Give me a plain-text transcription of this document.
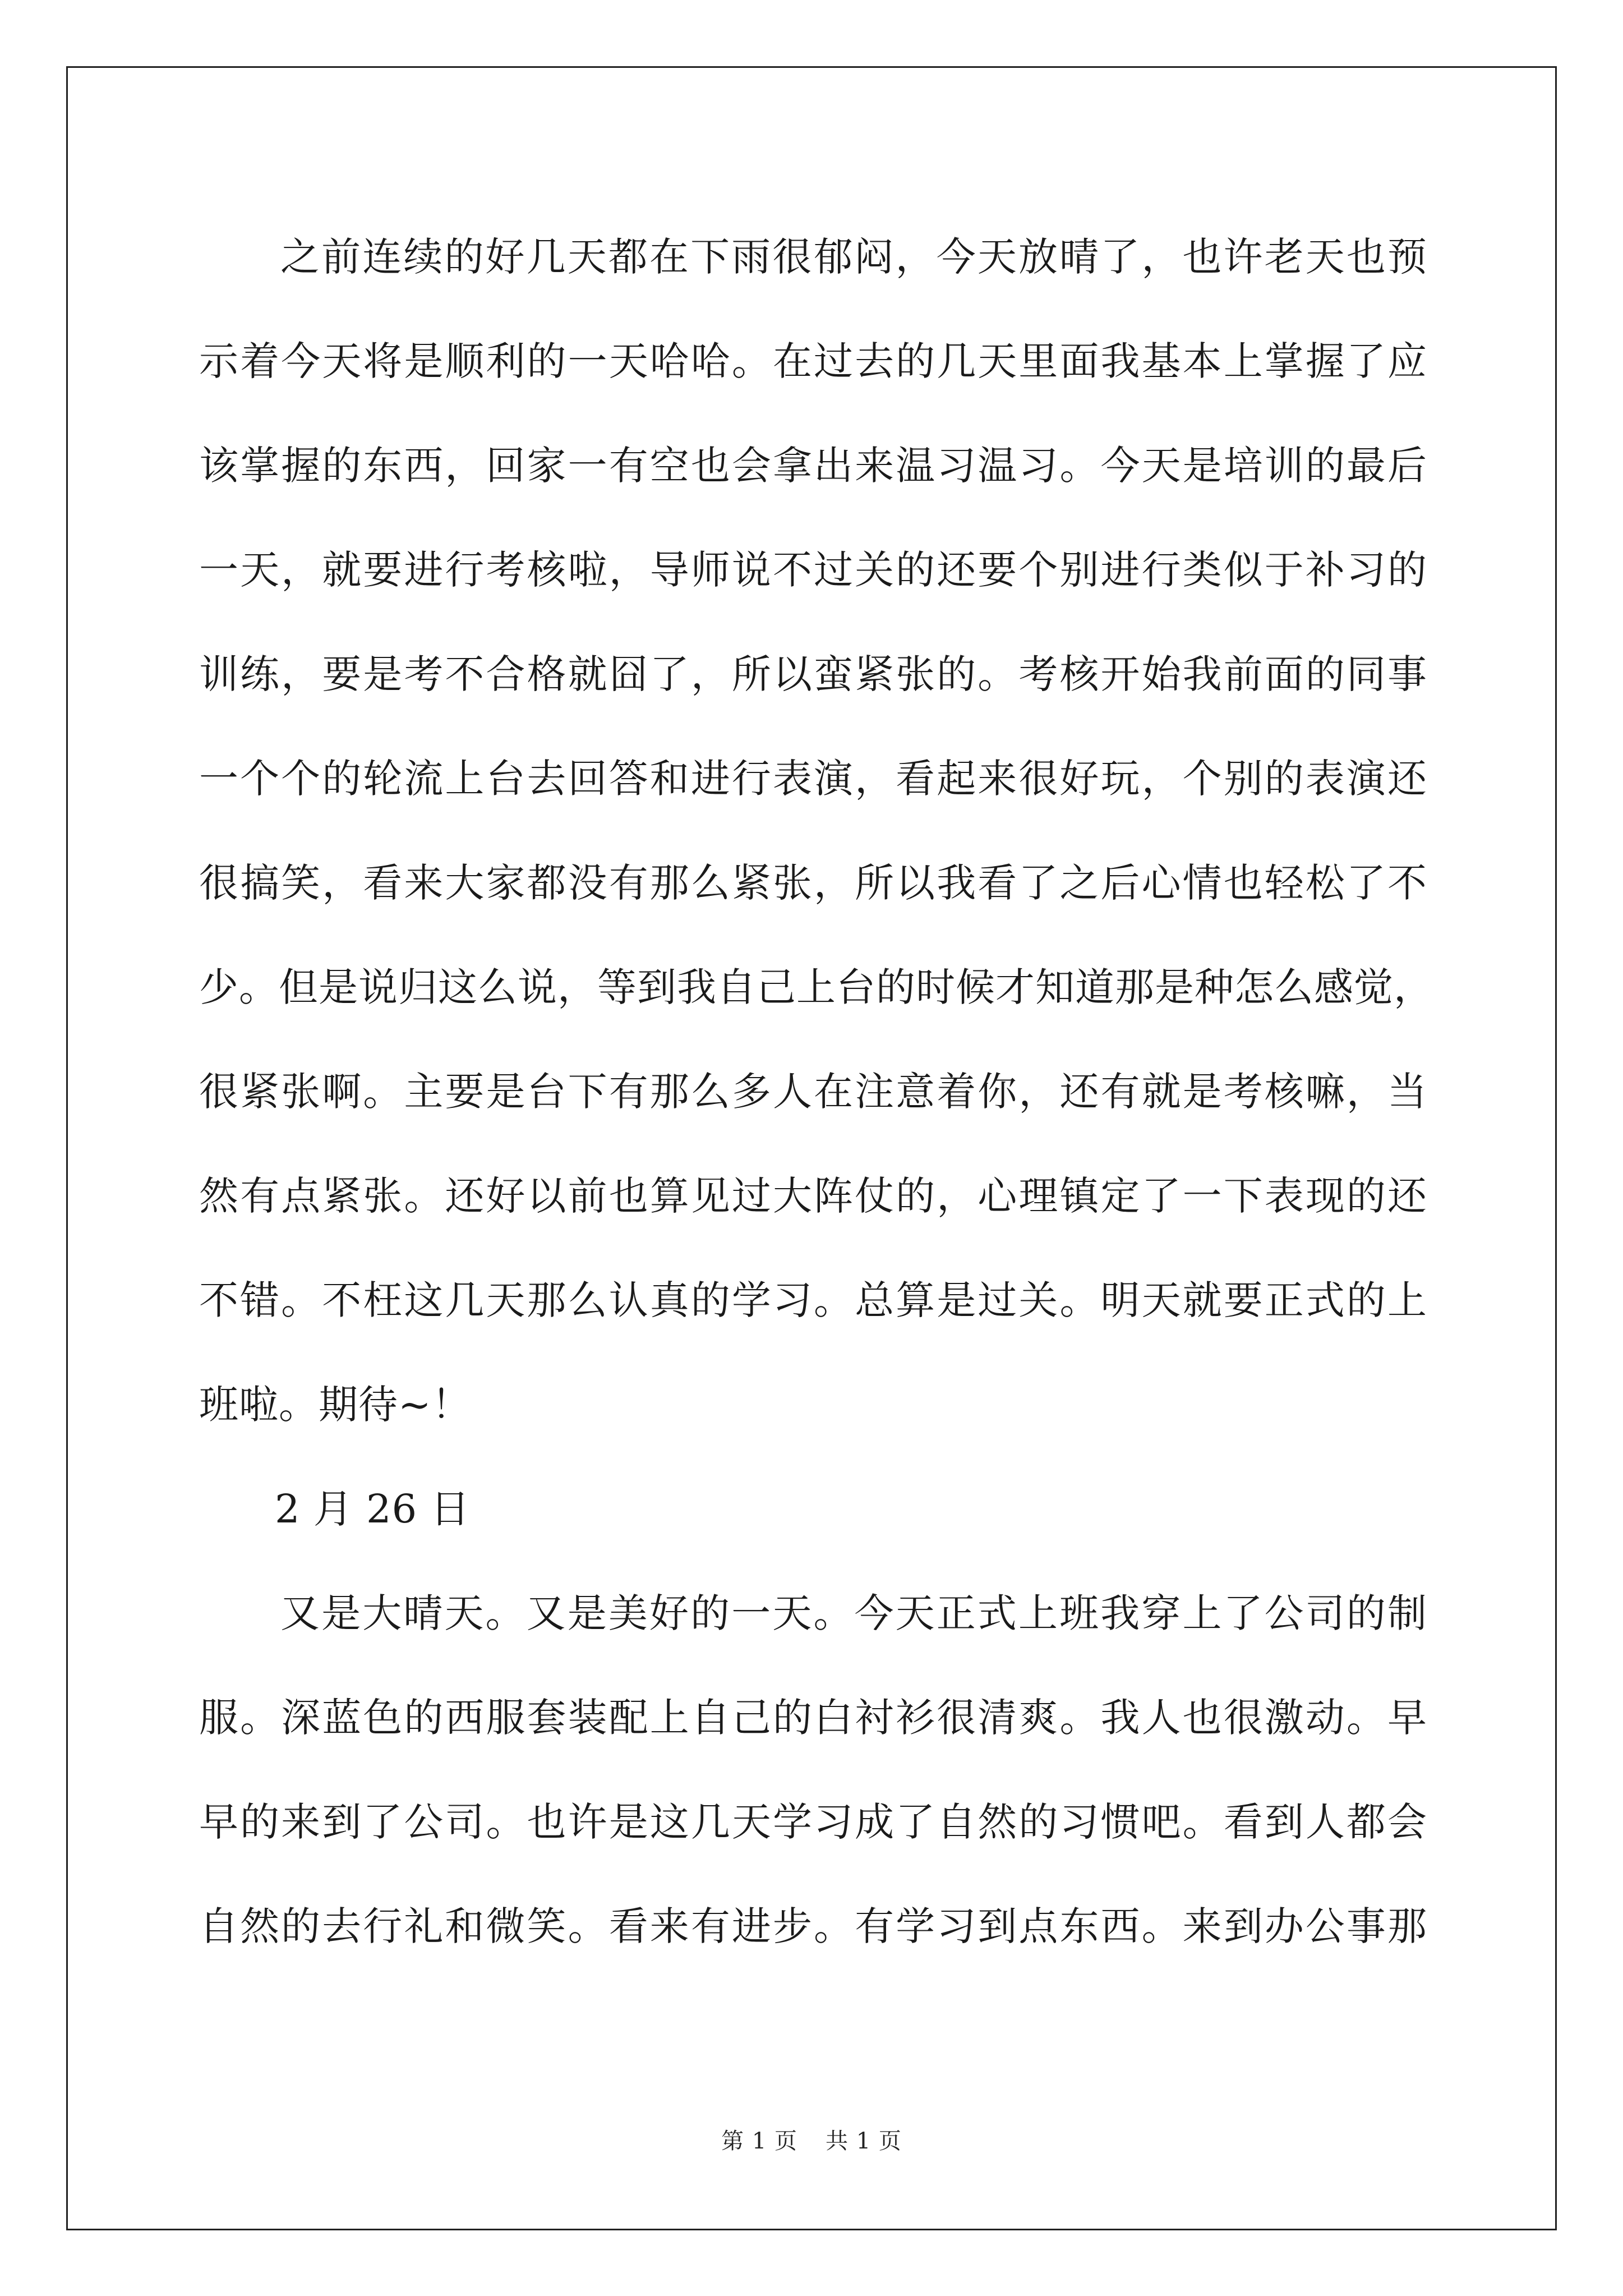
之前连续的好几天都在下雨很郁闷，今天放晴了，也许老天也预
示着今天将是顺利的一天哈哈。在过去的几天里面我基本上掌握了应
该掌握的东西，回家一有空也会拿出来温习温习。今天是培训的最后
一天，就要进行考核啦，导师说不过关的还要个别进行类似于补习的
训练，要是考不合格就囧了，所以蛮紧张的。考核开始我前面的同事
一个个的轮流上台去回答和进行表演，看起来很好玩，个别的表演还
很搞笑，看来大家都没有那么紧张，所以我看了之后心情也轻松了不
少。但是说归这么说，等到我自己上台的时候才知道那是种怎么感觉，
很紧张啊。主要是台下有那么多人在注意着你，还有就是考核嘛，当
然有点紧张。还好以前也算见过大阵仗的，心理镇定了一下表现的还
不错。不枉这几天那么认真的学习。总算是过关。明天就要正式的上
班啦。期待~！
2 月 26 日
又是大晴天。又是美好的一天。今天正式上班我穿上了公司的制
服。深蓝色的西服套装配上自己的白衬衫很清爽。我人也很激动。早
早的来到了公司。也许是这几天学习成了自然的习惯吧。看到人都会
自然的去行礼和微笑。看来有进步。有学习到点东西。来到办公事那
第 1 页 共 1 页
